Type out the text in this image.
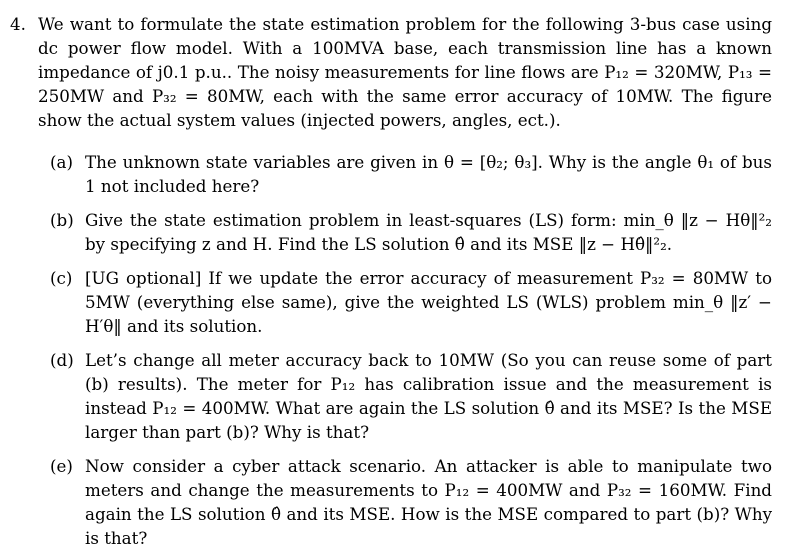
4. We want to formulate the state estimation problem for the following 3-bus case using dc power flow model. With a 100MVA base, each transmission line has a known impedance of j0.1 p.u.. The noisy measurements for line flows are P₁₂ = 320MW, P₁₃ = 250MW and P₃₂ = 80MW, each with the same error accuracy of 10MW. The figure show the actual system values (injected powers, angles, ect.).
(a) The unknown state variables are given in θ = [θ₂; θ₃]. Why is the angle θ₁ of bus 1 not included here?
(b) Give the state estimation problem in least-squares (LS) form: min_θ ‖z − Hθ‖²₂ by specifying z and H. Find the LS solution θ̂ and its MSE ‖z − Hθ̂‖²₂.
(c) [UG optional] If we update the error accuracy of measurement P₃₂ = 80MW to 5MW (everything else same), give the weighted LS (WLS) problem min_θ ‖z′ − H′θ‖ and its solution.
(d) Let’s change all meter accuracy back to 10MW (So you can reuse some of part (b) results). The meter for P₁₂ has calibration issue and the measurement is instead P₁₂ = 400MW. What are again the LS solution θ̂ and its MSE? Is the MSE larger than part (b)? Why is that?
(e) Now consider a cyber attack scenario. An attacker is able to manipulate two meters and change the measurements to P₁₂ = 400MW and P₃₂ = 160MW. Find again the LS solution θ̂ and its MSE. How is the MSE compared to part (b)? Why is that?
